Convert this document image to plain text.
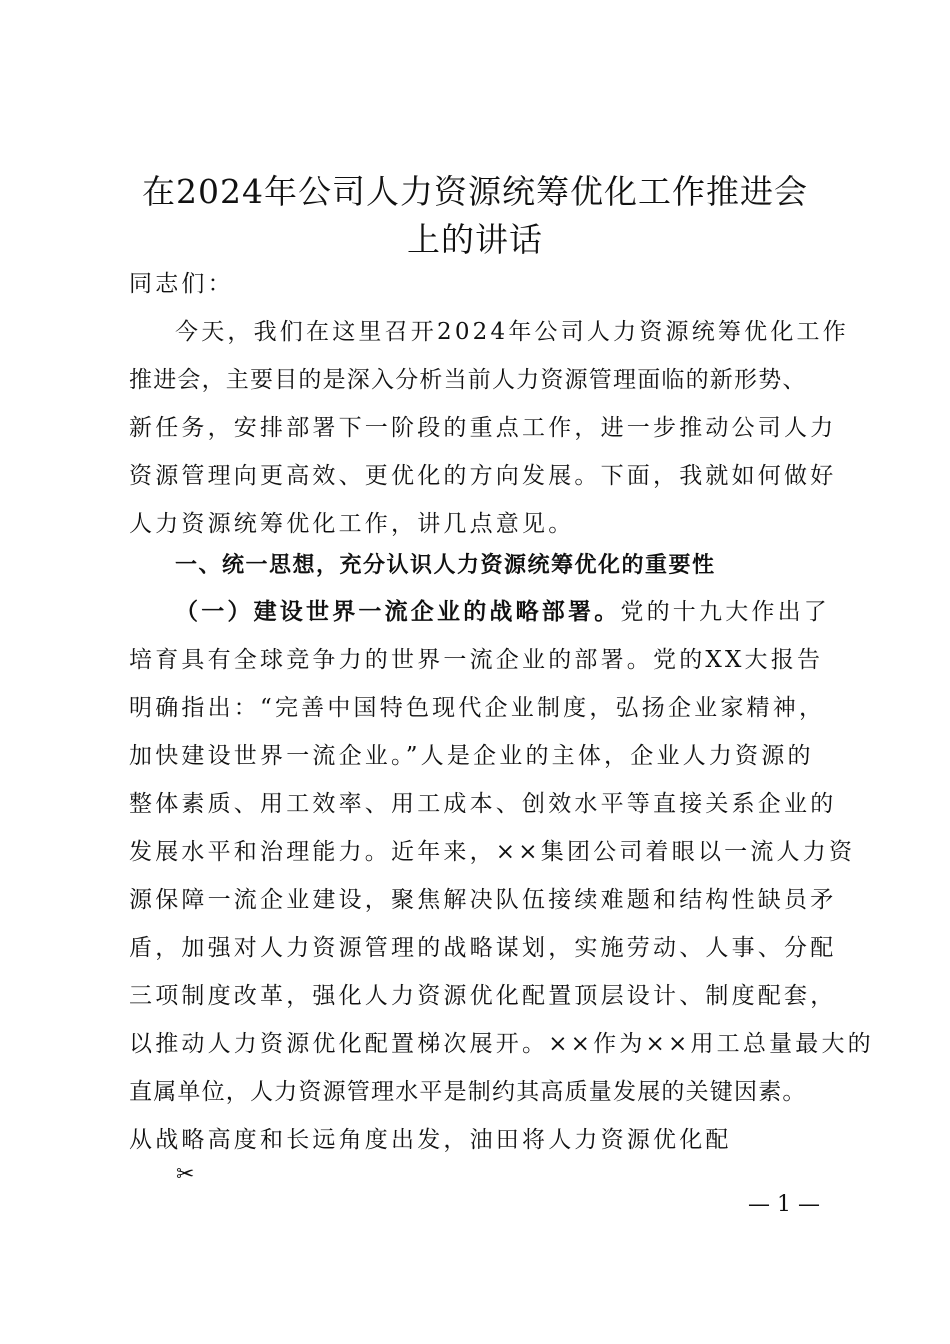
在2024年公司人力资源统筹优化工作推进会
上的讲话
同志们：
今天，我们在这里召开2024年公司人力资源统筹优化工作
推进会，主要目的是深入分析当前人力资源管理面临的新形势、
新任务，安排部署下一阶段的重点工作，进一步推动公司人力
资源管理向更高效、更优化的方向发展。下面，我就如何做好
人力资源统筹优化工作，讲几点意见。
一、统一思想，充分认识人力资源统筹优化的重要性
（一）建设世界一流企业的战略部署。党的十九大作出了
培育具有全球竞争力的世界一流企业的部署。党的XX大报告
明确指出：“完善中国特色现代企业制度，弘扬企业家精神，
加快建设世界一流企业。”人是企业的主体，企业人力资源的
整体素质、用工效率、用工成本、创效水平等直接关系企业的
发展水平和治理能力。近年来，××集团公司着眼以一流人力资
源保障一流企业建设，聚焦解决队伍接续难题和结构性缺员矛
盾，加强对人力资源管理的战略谋划，实施劳动、人事、分配
三项制度改革，强化人力资源优化配置顶层设计、制度配套，
以推动人力资源优化配置梯次展开。××作为××用工总量最大的
直属单位，人力资源管理水平是制约其高质量发展的关键因素。
从战略高度和长远角度出发，油田将人力资源优化配
✂
— 1 —
